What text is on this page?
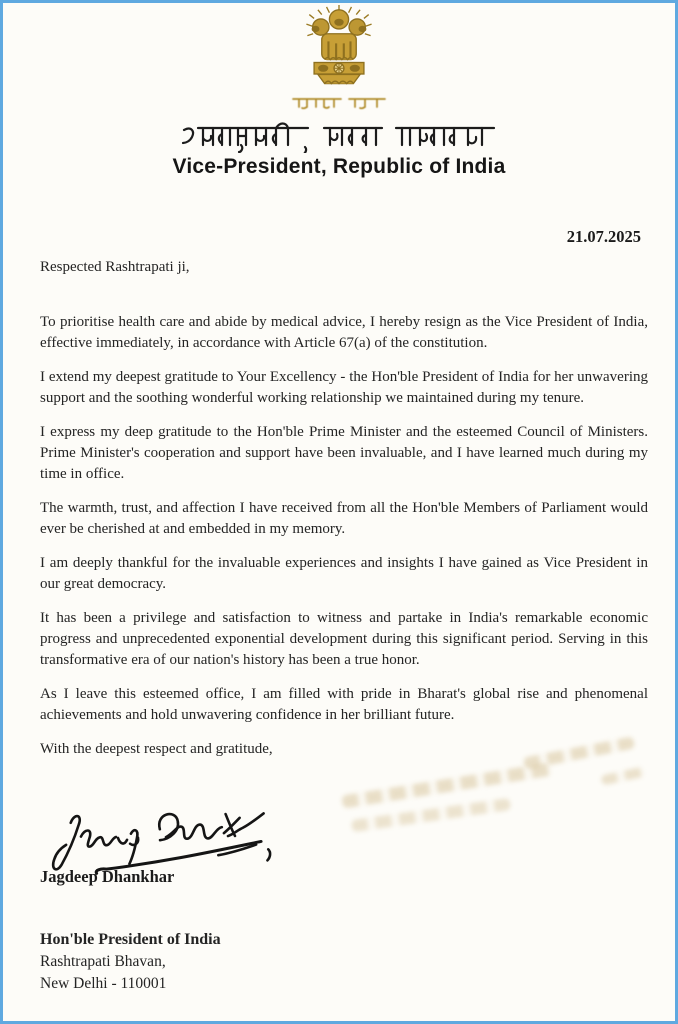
Vice-President, Republic of India
21.07.2025

Respected Rashtrapati ji,

To prioritise health care and abide by medical advice, I hereby resign as the Vice President of India, effective immediately, in accordance with Article 67(a) of the constitution.

I extend my deepest gratitude to Your Excellency - the Hon'ble President of India for her unwavering support and the soothing wonderful working relationship we maintained during my tenure.

I express my deep gratitude to the Hon'ble Prime Minister and the esteemed Council of Ministers. Prime Minister's cooperation and support have been invaluable, and I have learned much during my time in office.

The warmth, trust, and affection I have received from all the Hon'ble Members of Parliament would ever be cherished at and embedded in my memory.

I am deeply thankful for the invaluable experiences and insights I have gained as Vice President in our great democracy.

It has been a privilege and satisfaction to witness and partake in India's remarkable economic progress and unprecedented exponential development during this significant period. Serving in this transformative era of our nation's history has been a true honor.

As I leave this esteemed office, I am filled with pride in Bharat's global rise and phenomenal achievements and hold unwavering confidence in her brilliant future.

With the deepest respect and gratitude,

Jagdeep Dhankhar
Hon'ble President of India
Rashtrapati Bhavan,
New Delhi - 110001
